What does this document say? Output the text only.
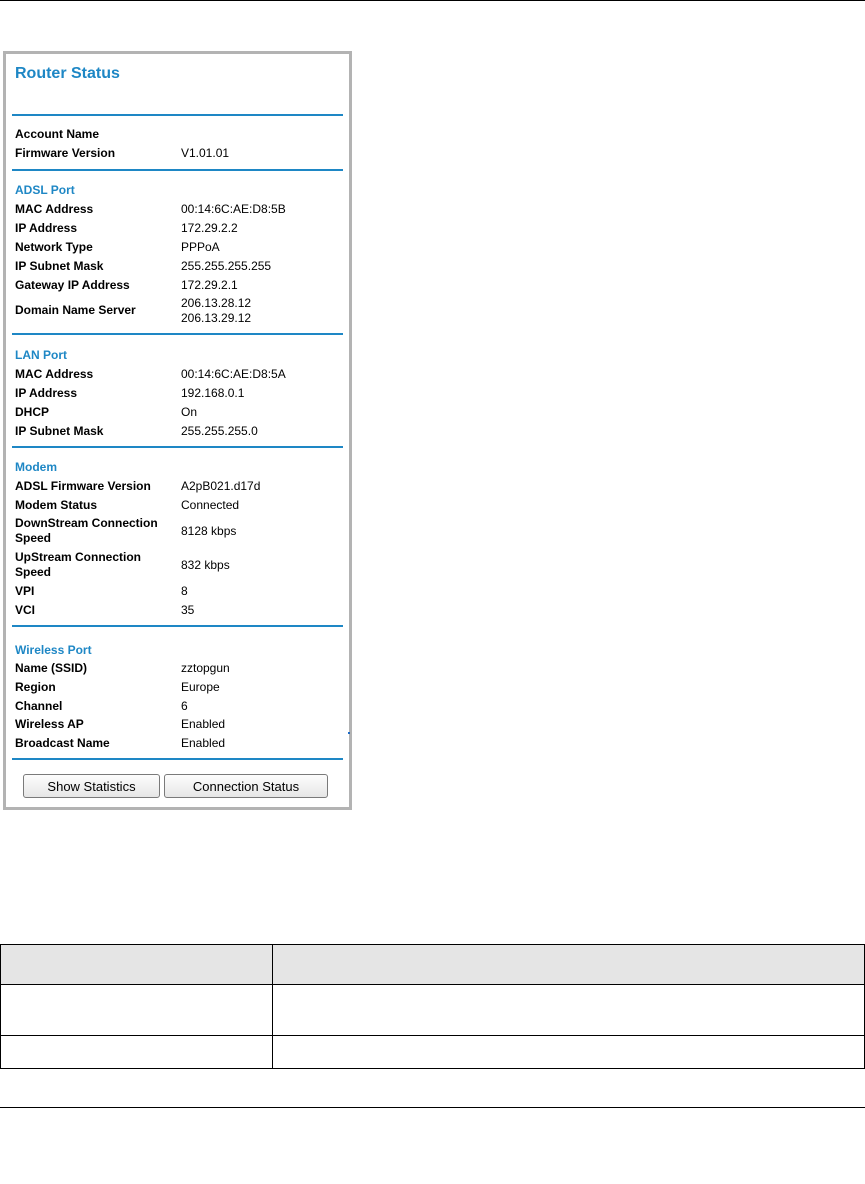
Router Status
Account Name
Firmware Version	V1.01.01
ADSL Port
MAC Address	00:14:6C:AE:D8:5B
IP Address	172.29.2.2
Network Type	PPPoA
IP Subnet Mask	255.255.255.255
Gateway IP Address	172.29.2.1
Domain Name Server	206.13.28.12
206.13.29.12
LAN Port
MAC Address	00:14:6C:AE:D8:5A
IP Address	192.168.0.1
DHCP	On
IP Subnet Mask	255.255.255.0
Modem
ADSL Firmware Version	A2pB021.d17d
Modem Status	Connected
DownStream Connection
Speed	8128 kbps
UpStream Connection
Speed	832 kbps
VPI	8
VCI	35
Wireless Port
Name (SSID)	zztopgun
Region	Europe
Channel	6
Wireless AP	Enabled
Broadcast Name	Enabled
Show Statistics	Connection Status
